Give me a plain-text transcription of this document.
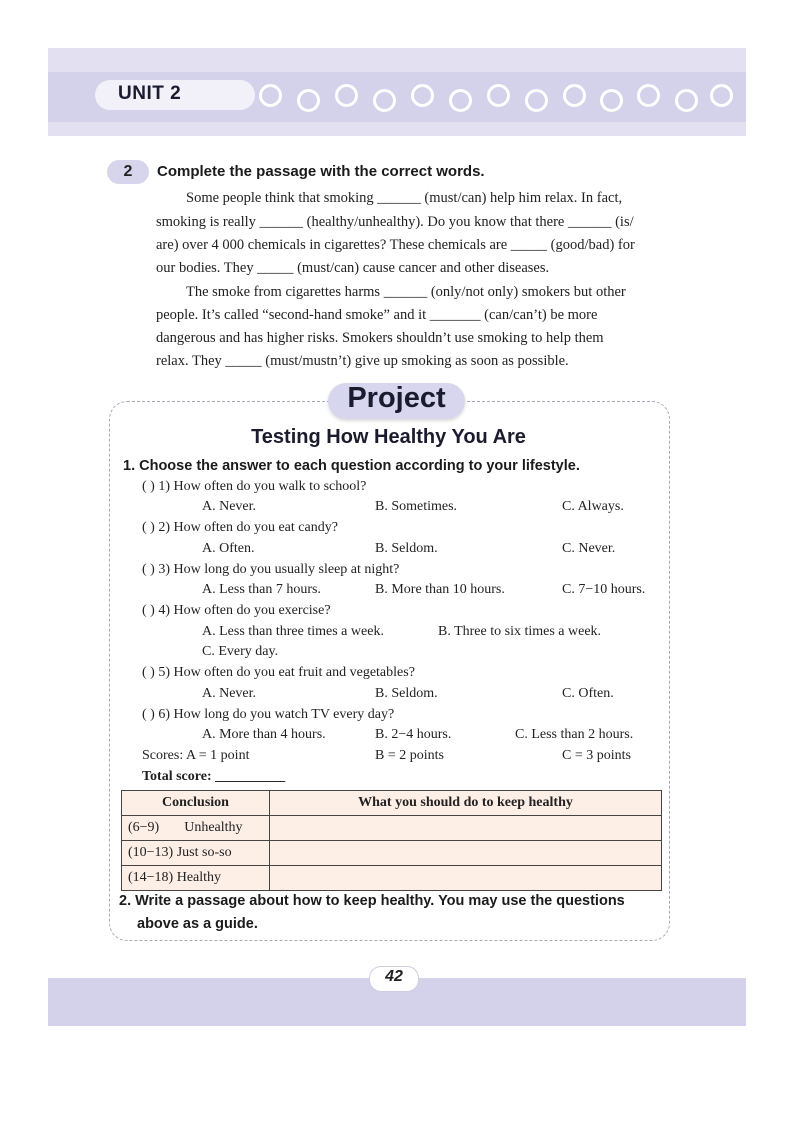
UNIT 2
2	Complete the passage with the correct words.
Some people think that smoking ______ (must/can) help him relax. In fact,
smoking is really ______ (healthy/unhealthy). Do you know that there ______ (is/
are) over 4 000 chemicals in cigarettes? These chemicals are _____ (good/bad) for
our bodies. They _____ (must/can) cause cancer and other diseases.
The smoke from cigarettes harms ______ (only/not only) smokers but other
people. It’s called “second-hand smoke” and it _______ (can/can’t) be more
dangerous and has higher risks. Smokers shouldn’t use smoking to help them
relax. They _____ (must/mustn’t) give up smoking as soon as possible.
Project
Testing How Healthy You Are
1. Choose the answer to each question according to your lifestyle.
( ) 1) How often do you walk to school?
A. Never.	B. Sometimes.	C. Always.
( ) 2) How often do you eat candy?
A. Often.	B. Seldom.	C. Never.
( ) 3) How long do you usually sleep at night?
A. Less than 7 hours.	B. More than 10 hours.	C. 7−10 hours.
( ) 4) How often do you exercise?
A. Less than three times a week.	B. Three to six times a week.
C. Every day.
( ) 5) How often do you eat fruit and vegetables?
A. Never.	B. Seldom.	C. Often.
( ) 6) How long do you watch TV every day?
A. More than 4 hours.	B. 2−4 hours.	C. Less than 2 hours.
Scores: A = 1 point	B = 2 points	C = 3 points
Total score: __________
Conclusion	What you should do to keep healthy
(6−9) Unhealthy	
(10−13) Just so-so	
(14−18) Healthy	
2. Write a passage about how to keep healthy. You may use the questions
above as a guide.
42
